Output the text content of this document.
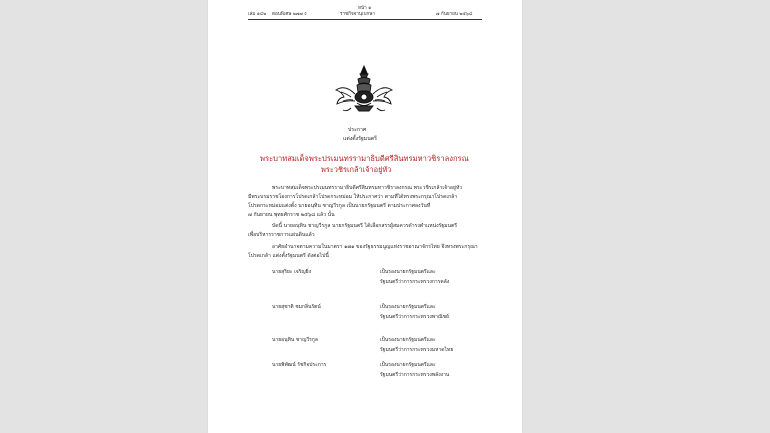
หน้า ๑
เล่ม ๑๔๒ ตอนพิเศษ ๒๗๗ ง	ราชกิจจานุเบกษา	๗ กันยายน ๒๕๖๘
ประกาศ
แต่งตั้งรัฐมนตรี
พระบาทสมเด็จพระปรเมนทรรามาธิบดีศรีสินทรมหาวชิราลงกรณ
พระวชิรเกล้าเจ้าอยู่หัว
พระบาทสมเด็จพระปรเมนทรรามาธิบดีศรีสินทรมหาวชิราลงกรณ พระวชิรเกล้าเจ้าอยู่หัว
มีพระบรมราชโองการโปรดเกล้าโปรดกระหม่อม ให้ประกาศว่า ตามที่ได้ทรงพระกรุณาโปรดเกล้า
โปรดกระหม่อมแต่งตั้ง นายอนุทิน ชาญวีรกูล เป็นนายกรัฐมนตรี ตามประกาศลงวันที่
๗ กันยายน พุทธศักราช ๒๕๖๘ แล้ว นั้น
บัดนี้ นายอนุทิน ชาญวีรกูล นายกรัฐมนตรี ได้เลือกสรรผู้สมควรดำรงตำแหน่งรัฐมนตรี
เพื่อบริหารราชการแผ่นดินแล้ว
อาศัยอำนาจตามความในมาตรา ๑๗๑ ของรัฐธรรมนูญแห่งราชอาณาจักรไทย จึงทรงพระกรุณา
โปรดเกล้า แต่งตั้งรัฐมนตรี ดังต่อไปนี้
นายสุริยะ เจริญยิ่ง	เป็นรองนายกรัฐมนตรีและ
รัฐมนตรีว่าการกระทรวงการคลัง
นายสุชาติ ชมกลิ่นรัตน์	เป็นรองนายกรัฐมนตรีและ
รัฐมนตรีว่าการกระทรวงพาณิชย์
นายอนุทิน ชาญวีรกูล	เป็นรองนายกรัฐมนตรีและ
รัฐมนตรีว่าการกระทรวงมหาดไทย
นายพิพัฒน์ รัชกิจประการ	เป็นรองนายกรัฐมนตรีและ
รัฐมนตรีว่าการกระทรวงพลังงาน
